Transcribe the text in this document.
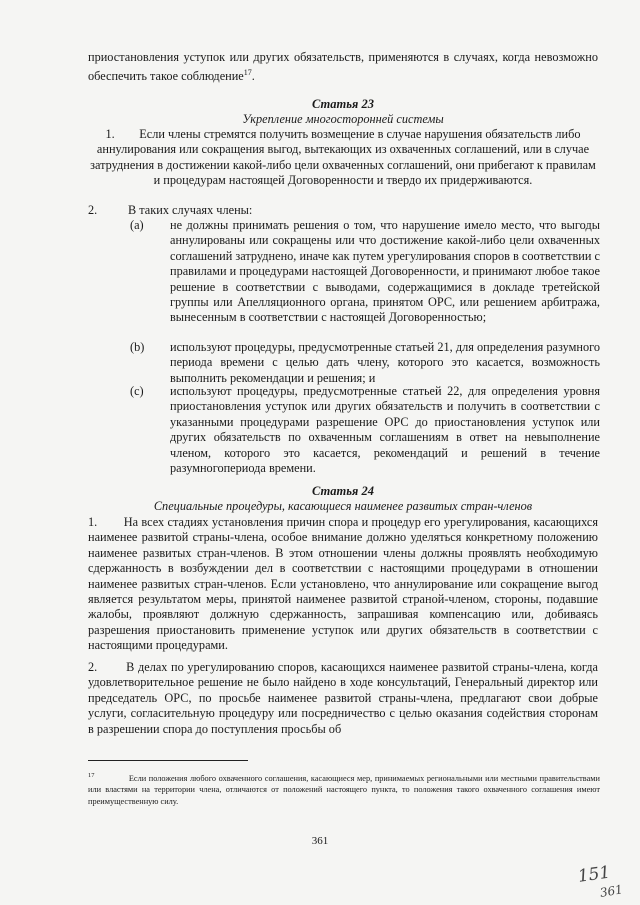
приостановления уступок или других обязательств, применяются в случаях, когда невозможно обеспечить такое соблюдение$^{17}$.

Статья 23
Укрепление многосторонней системы

1. Если члены стремятся получить возмещение в случае нарушения обязательств либо аннулирования или сокращения выгод, вытекающих из охваченных соглашений, или в случае затруднения в достижении какой-либо цели охваченных соглашений, они прибегают к правилам и процедурам настоящей Договоренности и твердо их придерживаются.

2.	В таких случаях члены:
(a) не должны принимать решения о том, что нарушение имело место, что выгоды аннулированы или сокращены или что достижение какой-либо цели охваченных соглашений затруднено, иначе как путем урегулирования споров в соответствии с правилами и процедурами настоящей Договоренности, и принимают любое такое решение в соответствии с выводами, содержащимися в докладе третейской группы или Апелляционного органа, принятом ОРС, или решением арбитража, вынесенным в соответствии с настоящей Договоренностью;
(b) используют процедуры, предусмотренные статьей 21, для определения разумного периода времени с целью дать члену, которого это касается, возможность выполнить рекомендации и решения; и
(c) используют процедуры, предусмотренные статьей 22, для определения уровня приостановления уступок или других обязательств и получить в соответствии с указанными процедурами разрешение ОРС до приостановления уступок или других обязательств по охваченным соглашениям в ответ на невыполнение членом, которого это касается, рекомендаций и решений в течение разумногопериода времени.
Статья 24
Специальные процедуры, касающиеся наименее развитых стран-членов

1. На всех стадиях установления причин спора и процедур его урегулирования, касающихся наименее развитой страны-члена, особое внимание должно уделяться конкретному положению наименее развитых стран-членов. В этом отношении члены должны проявлять необходимую сдержанность в возбуждении дел в соответствии с настоящими процедурами в отношении наименее развитых стран-членов. Если установлено, что аннулирование или сокращение выгод является результатом меры, принятой наименее развитой страной-членом, стороны, подавшие жалобы, проявляют должную сдержанность, запрашивая компенсацию или, добиваясь разрешения приостановить применение уступок или других обязательств в соответствии с настоящими процедурами.

2. В делах по урегулированию споров, касающихся наименее развитой страны-члена, когда удовлетворительное решение не было найдено в ходе консультаций, Генеральный директор или председатель ОРС, по просьбе наименее развитой страны-члена, предлагают свои добрые услуги, согласительную процедуру или посредничество с целью оказания содействия сторонам в разрешении спора до поступления просьбы об

$^{17}$	Если положения любого охваченного соглашения, касающиеся мер, принимаемых региональными или местными правительствами или властями на территории члена, отличаются от положений настоящего пункта, то положения такого охваченного соглашения имеют преимущественную силу.
361
151
361
